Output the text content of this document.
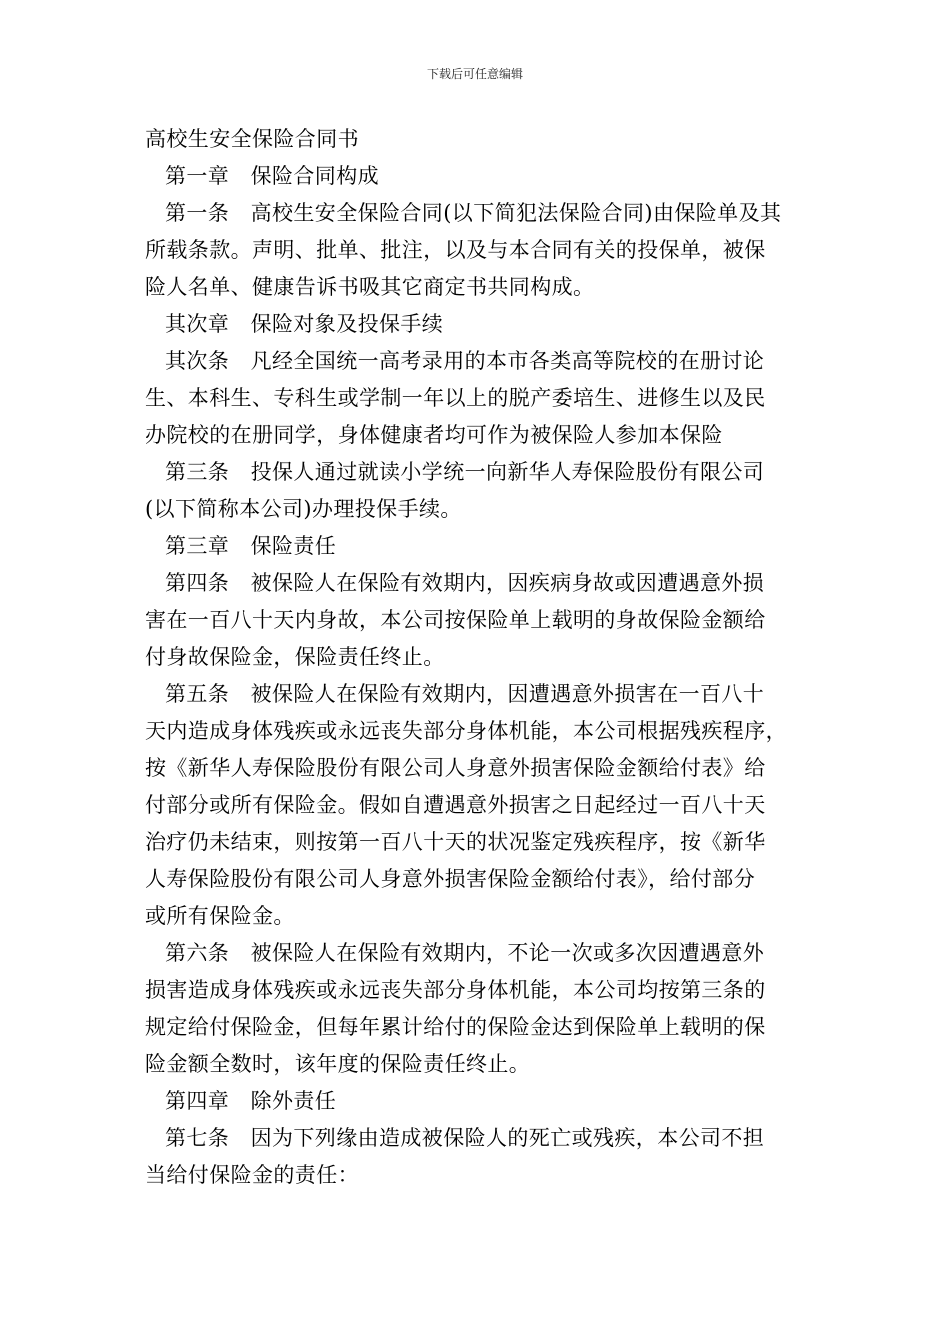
下载后可任意编辑
高校生安全保险合同书
第一章　保险合同构成
第一条　高校生安全保险合同(以下简犯法保险合同)由保险单及其
所载条款。声明、批单、批注，以及与本合同有关的投保单，被保
险人名单、健康告诉书吸其它商定书共同构成。
其次章　保险对象及投保手续
其次条　凡经全国统一高考录用的本市各类高等院校的在册讨论
生、本科生、专科生或学制一年以上的脱产委培生、进修生以及民
办院校的在册同学，身体健康者均可作为被保险人参加本保险
第三条　投保人通过就读小学统一向新华人寿保险股份有限公司
(以下简称本公司)办理投保手续。
第三章　保险责任
第四条　被保险人在保险有效期内，因疾病身故或因遭遇意外损
害在一百八十天内身故，本公司按保险单上载明的身故保险金额给
付身故保险金，保险责任终止。
第五条　被保险人在保险有效期内，因遭遇意外损害在一百八十
天内造成身体残疾或永远丧失部分身体机能，本公司根据残疾程序，
按《新华人寿保险股份有限公司人身意外损害保险金额给付表》给
付部分或所有保险金。假如自遭遇意外损害之日起经过一百八十天
治疗仍未结束，则按第一百八十天的状况鉴定残疾程序，按《新华
人寿保险股份有限公司人身意外损害保险金额给付表》，给付部分
或所有保险金。
第六条　被保险人在保险有效期内，不论一次或多次因遭遇意外
损害造成身体残疾或永远丧失部分身体机能，本公司均按第三条的
规定给付保险金，但每年累计给付的保险金达到保险单上载明的保
险金额全数时，该年度的保险责任终止。
第四章　除外责任
第七条　因为下列缘由造成被保险人的死亡或残疾，本公司不担
当给付保险金的责任：
